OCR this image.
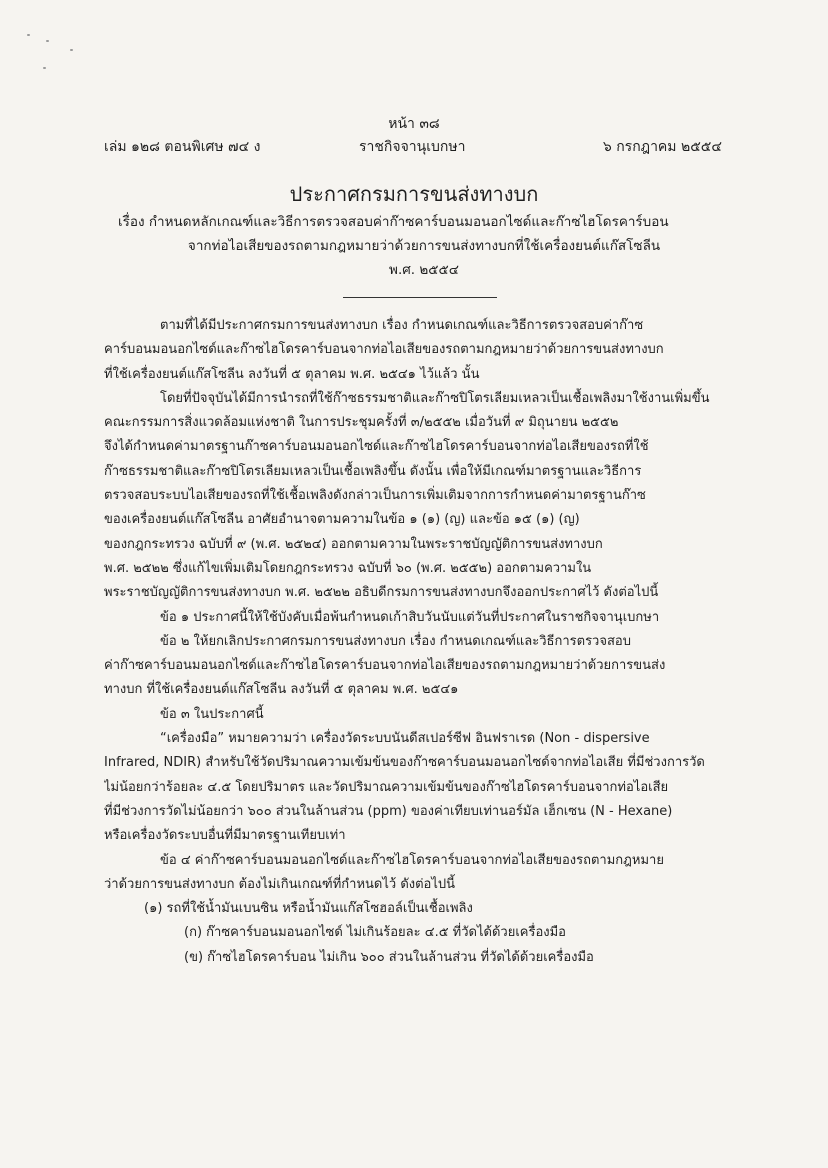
หน้า ๓๘
เล่ม ๑๒๘ ตอนพิเศษ ๗๔ ง	ราชกิจจานุเบกษา	๖ กรกฎาคม ๒๕๕๔
ประกาศกรมการขนส่งทางบก
เรื่อง กำหนดหลักเกณฑ์และวิธีการตรวจสอบค่าก๊าซคาร์บอนมอนอกไซด์และก๊าซไฮโดรคาร์บอน
จากท่อไอเสียของรถตามกฎหมายว่าด้วยการขนส่งทางบกที่ใช้เครื่องยนต์แก๊สโซลีน
พ.ศ. ๒๕๕๔
ตามที่ได้มีประกาศกรมการขนส่งทางบก เรื่อง กำหนดเกณฑ์และวิธีการตรวจสอบค่าก๊าซ
คาร์บอนมอนอกไซด์และก๊าซไฮโดรคาร์บอนจากท่อไอเสียของรถตามกฎหมายว่าด้วยการขนส่งทางบก
ที่ใช้เครื่องยนต์แก๊สโซลีน ลงวันที่ ๕ ตุลาคม พ.ศ. ๒๕๔๑ ไว้แล้ว นั้น
โดยที่ปัจจุบันได้มีการนำรถที่ใช้ก๊าซธรรมชาติและก๊าซปิโตรเลียมเหลวเป็นเชื้อเพลิงมาใช้งานเพิ่มขึ้น
คณะกรรมการสิ่งแวดล้อมแห่งชาติ ในการประชุมครั้งที่ ๓/๒๕๕๒ เมื่อวันที่ ๙ มิถุนายน ๒๕๕๒
จึงได้กำหนดค่ามาตรฐานก๊าซคาร์บอนมอนอกไซด์และก๊าซไฮโดรคาร์บอนจากท่อไอเสียของรถที่ใช้
ก๊าซธรรมชาติและก๊าซปิโตรเลียมเหลวเป็นเชื้อเพลิงขึ้น ดังนั้น เพื่อให้มีเกณฑ์มาตรฐานและวิธีการ
ตรวจสอบระบบไอเสียของรถที่ใช้เชื้อเพลิงดังกล่าวเป็นการเพิ่มเติมจากการกำหนดค่ามาตรฐานก๊าซ
ของเครื่องยนต์แก๊สโซลีน อาศัยอำนาจตามความในข้อ ๑ (๑) (ญ) และข้อ ๑๕ (๑) (ญ)
ของกฎกระทรวง ฉบับที่ ๙ (พ.ศ. ๒๕๒๔) ออกตามความในพระราชบัญญัติการขนส่งทางบก
พ.ศ. ๒๕๒๒ ซึ่งแก้ไขเพิ่มเติมโดยกฎกระทรวง ฉบับที่ ๖๐ (พ.ศ. ๒๕๕๒) ออกตามความใน
พระราชบัญญัติการขนส่งทางบก พ.ศ. ๒๕๒๒ อธิบดีกรมการขนส่งทางบกจึงออกประกาศไว้ ดังต่อไปนี้
ข้อ ๑ ประกาศนี้ให้ใช้บังคับเมื่อพ้นกำหนดเก้าสิบวันนับแต่วันที่ประกาศในราชกิจจานุเบกษา
ข้อ ๒ ให้ยกเลิกประกาศกรมการขนส่งทางบก เรื่อง กำหนดเกณฑ์และวิธีการตรวจสอบ
ค่าก๊าซคาร์บอนมอนอกไซด์และก๊าซไฮโดรคาร์บอนจากท่อไอเสียของรถตามกฎหมายว่าด้วยการขนส่ง
ทางบก ที่ใช้เครื่องยนต์แก๊สโซลีน ลงวันที่ ๕ ตุลาคม พ.ศ. ๒๕๔๑
ข้อ ๓ ในประกาศนี้
“เครื่องมือ” หมายความว่า เครื่องวัดระบบนันดีสเปอร์ซีฟ อินฟราเรด (Non - dispersive
Infrared, NDIR) สำหรับใช้วัดปริมาณความเข้มข้นของก๊าซคาร์บอนมอนอกไซด์จากท่อไอเสีย ที่มีช่วงการวัด
ไม่น้อยกว่าร้อยละ ๔.๕ โดยปริมาตร และวัดปริมาณความเข้มข้นของก๊าซไฮโดรคาร์บอนจากท่อไอเสีย
ที่มีช่วงการวัดไม่น้อยกว่า ๖๐๐ ส่วนในล้านส่วน (ppm) ของค่าเทียบเท่านอร์มัล เฮ็กเซน (N - Hexane)
หรือเครื่องวัดระบบอื่นที่มีมาตรฐานเทียบเท่า
ข้อ ๔ ค่าก๊าซคาร์บอนมอนอกไซด์และก๊าซไฮโดรคาร์บอนจากท่อไอเสียของรถตามกฎหมาย
ว่าด้วยการขนส่งทางบก ต้องไม่เกินเกณฑ์ที่กำหนดไว้ ดังต่อไปนี้
(๑) รถที่ใช้น้ำมันเบนซิน หรือน้ำมันแก๊สโซฮอล์เป็นเชื้อเพลิง
(ก) ก๊าซคาร์บอนมอนอกไซด์ ไม่เกินร้อยละ ๔.๕ ที่วัดได้ด้วยเครื่องมือ
(ข) ก๊าซไฮโดรคาร์บอน ไม่เกิน ๖๐๐ ส่วนในล้านส่วน ที่วัดได้ด้วยเครื่องมือ
